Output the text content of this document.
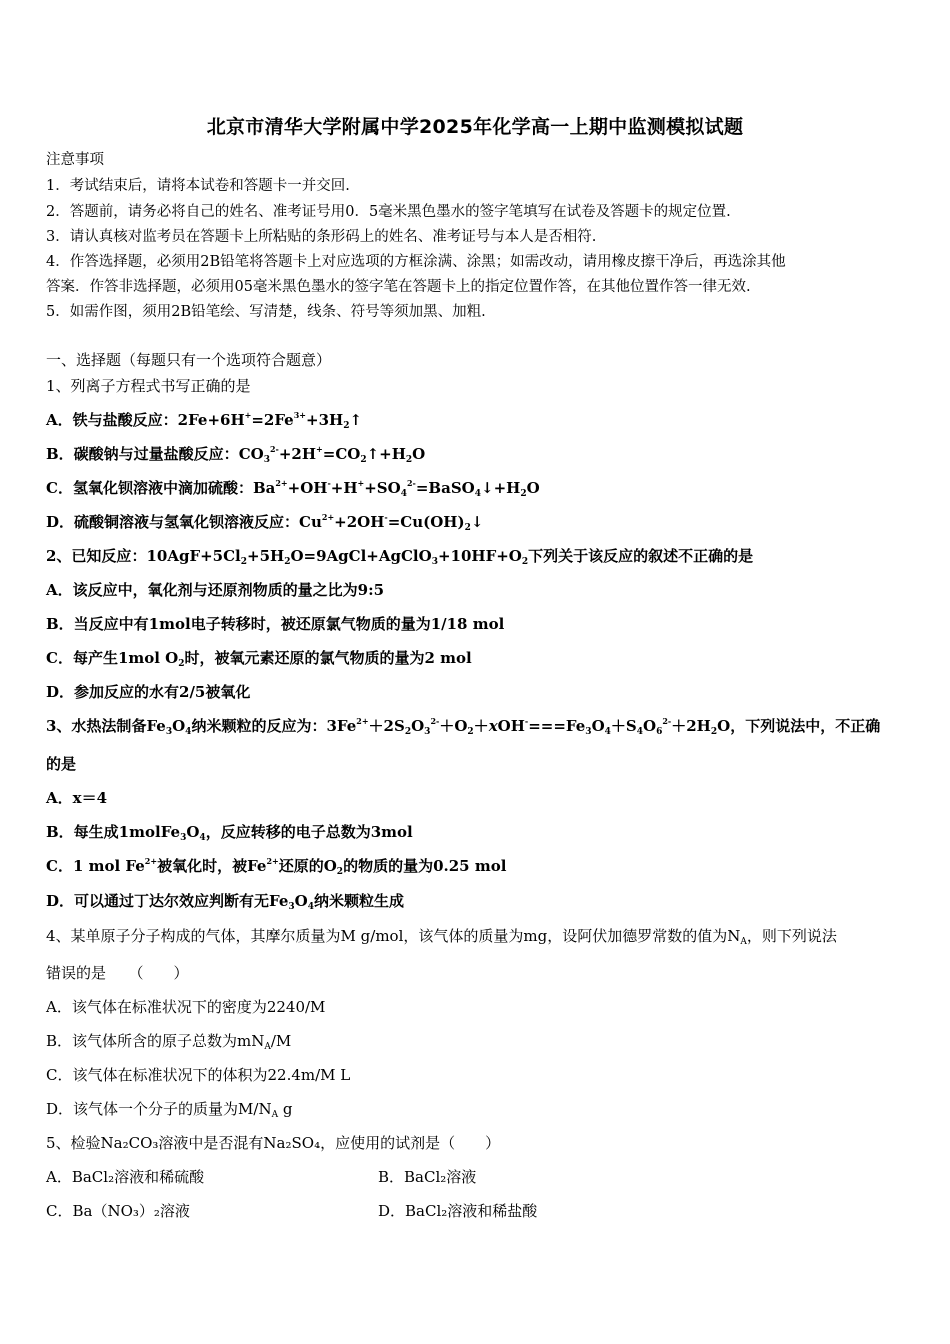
北京市清华大学附属中学2025年化学高一上期中监测模拟试题
注意事项
1．考试结束后，请将本试卷和答题卡一并交回.
2．答题前，请务必将自己的姓名、准考证号用0．5毫米黑色墨水的签字笔填写在试卷及答题卡的规定位置.
3．请认真核对监考员在答题卡上所粘贴的条形码上的姓名、准考证号与本人是否相符.
4．作答选择题，必须用2B铅笔将答题卡上对应选项的方框涂满、涂黑；如需改动，请用橡皮擦干净后，再选涂其他
答案．作答非选择题，必须用05毫米黑色墨水的签字笔在答题卡上的指定位置作答，在其他位置作答一律无效.
5．如需作图，须用2B铅笔绘、写清楚，线条、符号等须加黑、加粗.
一、选择题（每题只有一个选项符合题意）
1、列离子方程式书写正确的是
A．铁与盐酸反应：$2Fe+6H^+=2Fe^{3+}+3H_2↑$
B．碳酸钠与过量盐酸反应：$CO_3^{2-}+2H^+=CO_2↑+H_2O$
C．氢氧化钡溶液中滴加硫酸：$Ba^{2+}+OH^-+H^++SO_4^{2-}=BaSO_4↓+H_2O$
D．硫酸铜溶液与氢氧化钡溶液反应：$Cu^{2+}+2OH^-=Cu(OH)_2↓$
2、已知反应：$10AgF+5Cl_2+5H_2O=9AgCl+AgClO_3+10HF+O_2$下列关于该反应的叙述不正确的是
A．该反应中，氧化剂与还原剂物质的量之比为9:5
B．当反应中有1mol电子转移时，被还原氯气物质的量为1/18 mol
C．每产生1mol $O_2$时，被氧元素还原的氯气物质的量为2 mol
D．参加反应的水有2/5被氧化
3、水热法制备$Fe_3O_4$纳米颗粒的反应为：$3Fe^{2+}+2S_2O_3^{2-}+O_2+xOH^-===Fe_3O_4+S_4O_6^{2-}+2H_2O$，下列说法中，不正确
的是
A．x＝4
B．每生成$1molFe_3O_4$，反应转移的电子总数为3mol
C．1 mol $Fe^{2+}$被氧化时，被$Fe^{2+}$还原的$O_2$的物质的量为0.25 mol
D．可以通过丁达尔效应判断有无$Fe_3O_4$纳米颗粒生成
4、某单原子分子构成的气体，其摩尔质量为M g/mol，该气体的质量为mg，设阿伏加德罗常数的值为$N_A$，则下列说法
错误的是　　（　　）
A．该气体在标准状况下的密度为2240/M
B．该气体所含的原子总数为$mN_A/M$
C．该气体在标准状况下的体积为22.4m/M L
D．该气体一个分子的质量为$M/N_A$ g
5、检验Na₂CO₃溶液中是否混有Na₂SO₄，应使用的试剂是（　　）
A．BaCl₂溶液和稀硫酸	B．BaCl₂溶液
C．Ba（NO₃）₂溶液	D．BaCl₂溶液和稀盐酸
